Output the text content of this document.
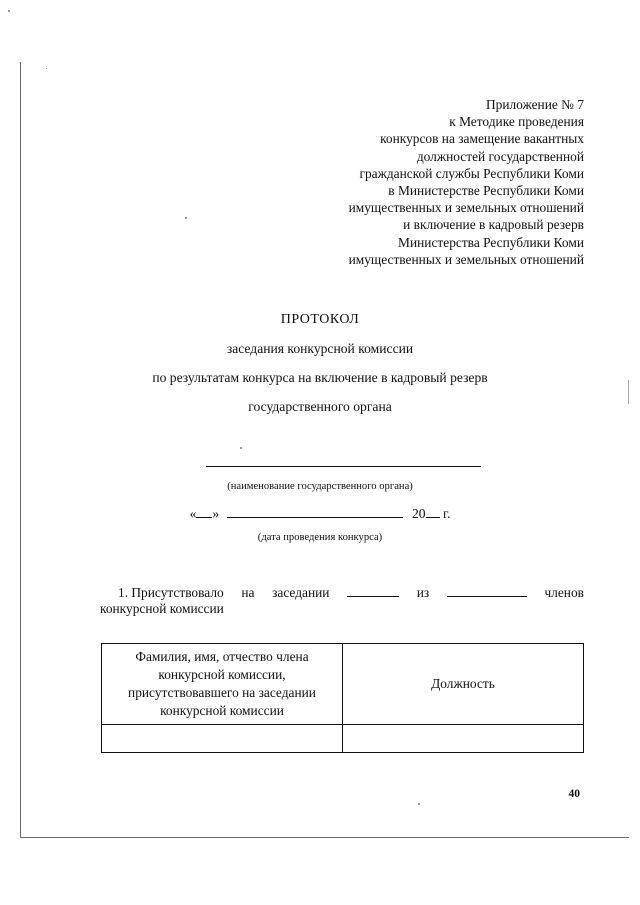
Приложение № 7
к Методике проведения
конкурсов на замещение вакантных
должностей государственной
гражданской службы Республики Коми
в Министерстве Республики Коми
имущественных и земельных отношений
и включение в кадровый резерв
Министерства Республики Коми
имущественных и земельных отношений
ПРОТОКОЛ
заседания конкурсной комиссии
по результатам конкурса на включение в кадровый резерв
государственного органа
(наименование государственного органа)
« »	20 г.
(дата проведения конкурса)
1. Присутствовало на заседании	из	членов
конкурсной комиссии
Фамилия, имя, отчество члена
конкурсной комиссии,
присутствовавшего на заседании
конкурсной комиссии	Должность

40
